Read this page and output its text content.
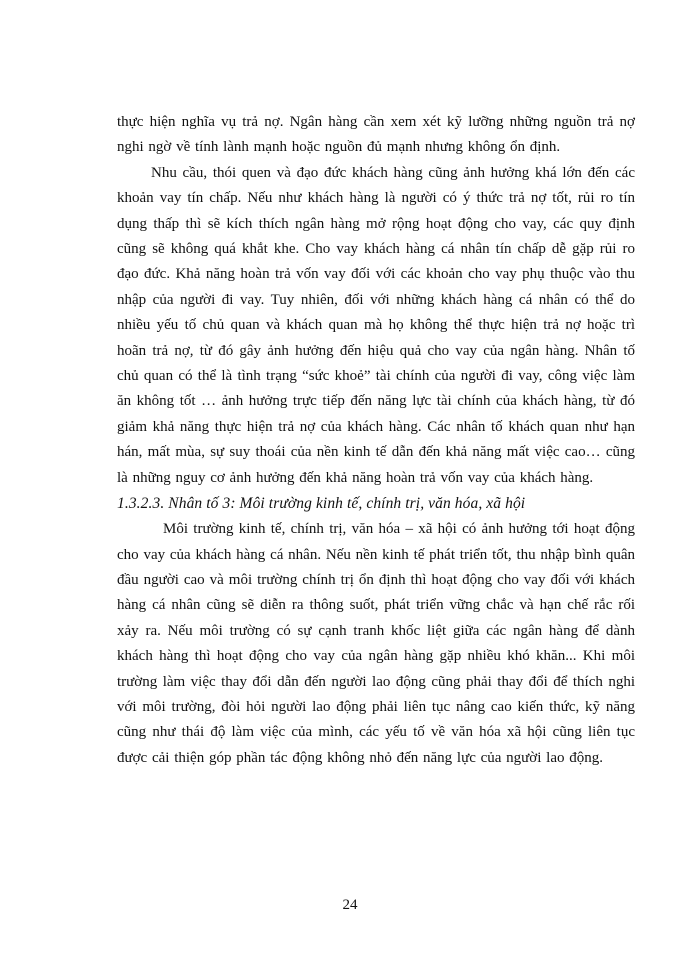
thực hiện nghĩa vụ trả nợ. Ngân hàng cần xem xét kỹ lưỡng những nguồn trả nợ nghi ngờ về tính lành mạnh hoặc nguồn đủ mạnh nhưng không ổn định.

Nhu cầu, thói quen và đạo đức khách hàng cũng ảnh hưởng khá lớn đến các khoản vay tín chấp. Nếu như khách hàng là người có ý thức trả nợ tốt, rủi ro tín dụng thấp thì sẽ kích thích ngân hàng mở rộng hoạt động cho vay, các quy định cũng sẽ không quá khắt khe. Cho vay khách hàng cá nhân tín chấp dễ gặp rủi ro đạo đức. Khả năng hoàn trả vốn vay đối với các khoản cho vay phụ thuộc vào thu nhập của người đi vay. Tuy nhiên, đối với những khách hàng cá nhân có thể do nhiều yếu tố chủ quan và khách quan mà họ không thể thực hiện trả nợ hoặc trì hoãn trả nợ, từ đó gây ảnh hưởng đến hiệu quả cho vay của ngân hàng. Nhân tố chủ quan có thể là tình trạng “sức khoẻ” tài chính của người đi vay, công việc làm ăn không tốt … ảnh hưởng trực tiếp đến năng lực tài chính của khách hàng, từ đó giảm khả năng thực hiện trả nợ của khách hàng. Các nhân tố khách quan như hạn hán, mất mùa, sự suy thoái của nền kinh tế dẫn đến khả năng mất việc cao… cũng là những nguy cơ ảnh hưởng đến khả năng hoàn trả vốn vay của khách hàng.

1.3.2.3. Nhân tố 3: Môi trường kinh tế, chính trị, văn hóa, xã hội

Môi trường kinh tế, chính trị, văn hóa – xã hội có ảnh hưởng tới hoạt động cho vay của khách hàng cá nhân. Nếu nền kinh tế phát triển tốt, thu nhập bình quân đầu người cao và môi trường chính trị ổn định thì hoạt động cho vay đối với khách hàng cá nhân cũng sẽ diễn ra thông suốt, phát triển vững chắc và hạn chế rắc rối xảy ra. Nếu môi trường có sự cạnh tranh khốc liệt giữa các ngân hàng để dành khách hàng thì hoạt động cho vay của ngân hàng gặp nhiều khó khăn... Khi môi trường làm việc thay đổi dẫn đến người lao động cũng phải thay đổi để thích nghi với môi trường, đòi hỏi người lao động phải liên tục nâng cao kiến thức, kỹ năng cũng như thái độ làm việc của mình, các yếu tố về văn hóa xã hội cũng liên tục được cải thiện góp phần tác động không nhỏ đến năng lực của người lao động.

24
